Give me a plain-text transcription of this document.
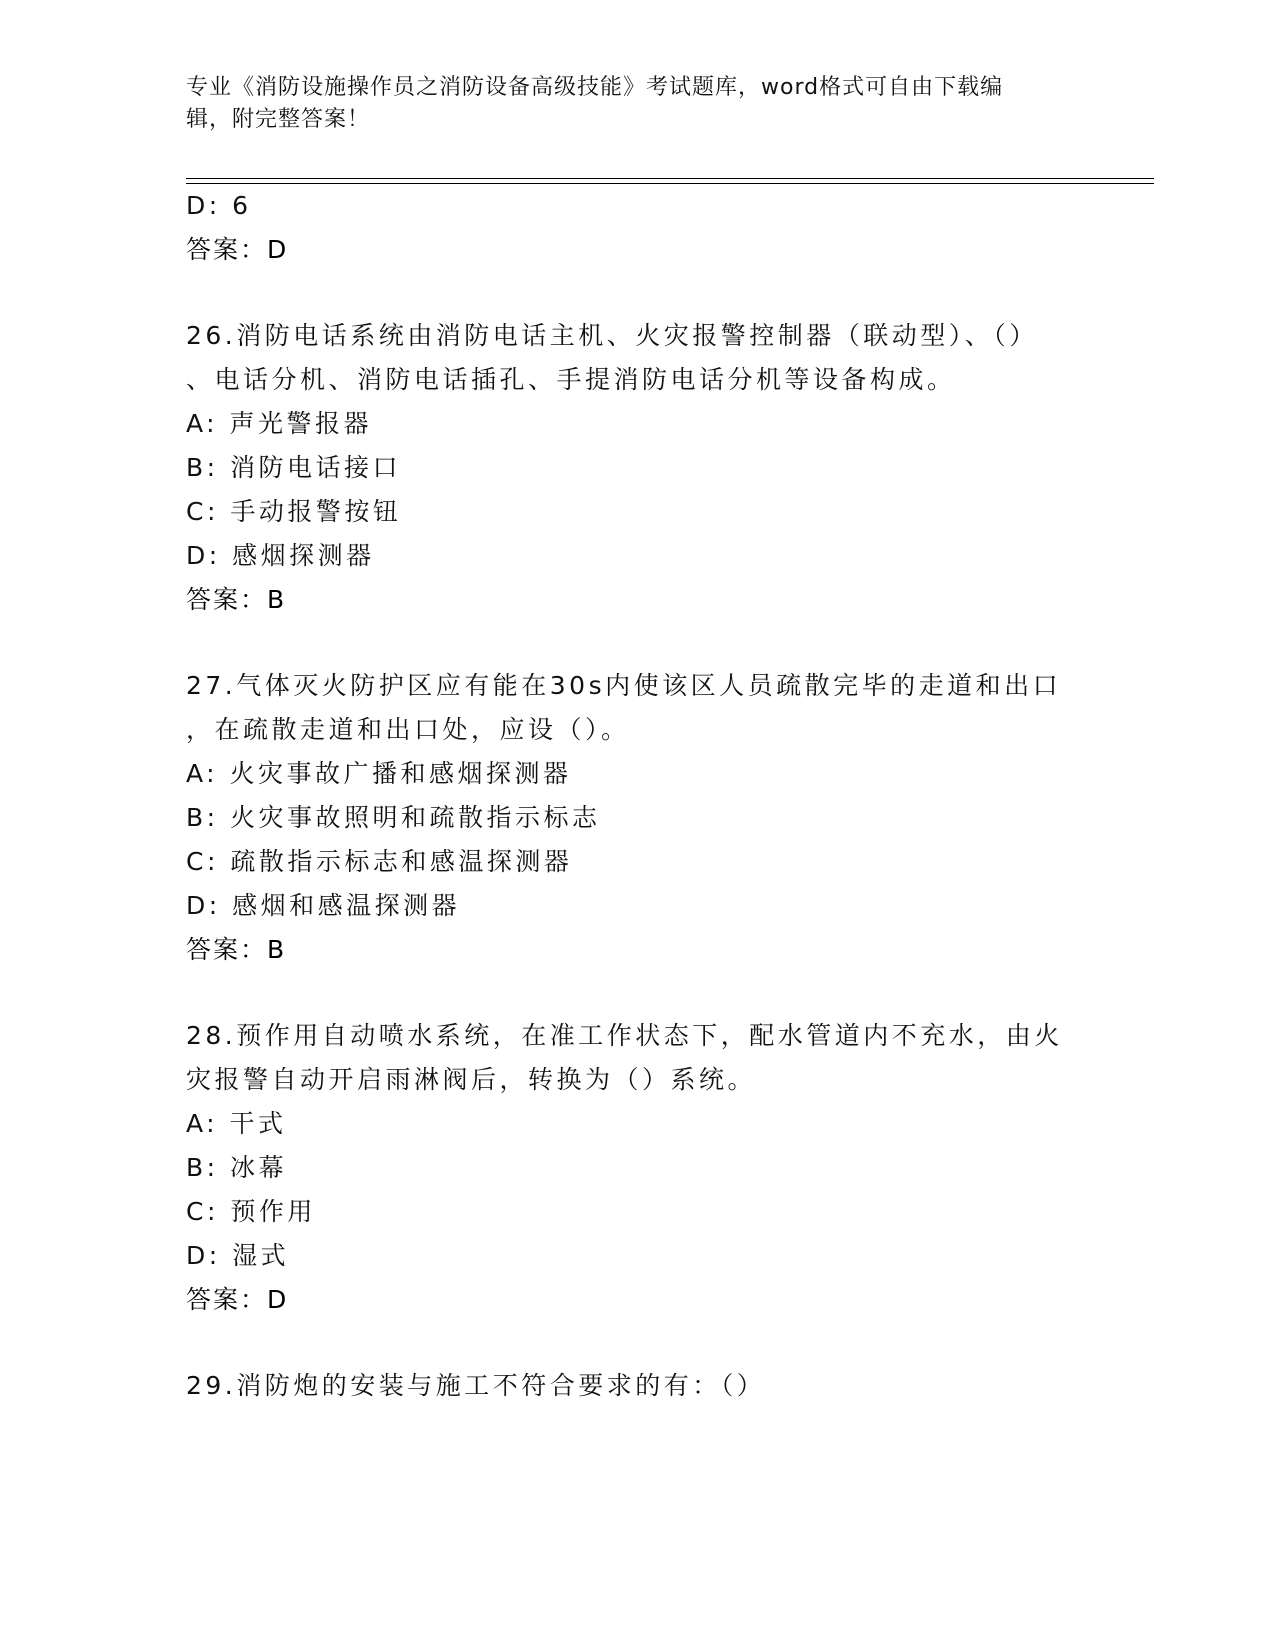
专业《消防设施操作员之消防设备高级技能》考试题库，word格式可自由下载编
辑，附完整答案！
D: 6
答案：D
26.消防电话系统由消防电话主机、火灾报警控制器（联动型）、（）
、电话分机、消防电话插孔、手提消防电话分机等设备构成。
A: 声光警报器
B: 消防电话接口
C: 手动报警按钮
D: 感烟探测器
答案：B
27.气体灭火防护区应有能在30s内使该区人员疏散完毕的走道和出口
，在疏散走道和出口处，应设（）。
A: 火灾事故广播和感烟探测器
B: 火灾事故照明和疏散指示标志
C: 疏散指示标志和感温探测器
D: 感烟和感温探测器
答案：B
28.预作用自动喷水系统，在准工作状态下，配水管道内不充水，由火
灾报警自动开启雨淋阀后，转换为（）系统。
A: 干式
B: 冰幕
C: 预作用
D: 湿式
答案：D
29.消防炮的安装与施工不符合要求的有：（）
